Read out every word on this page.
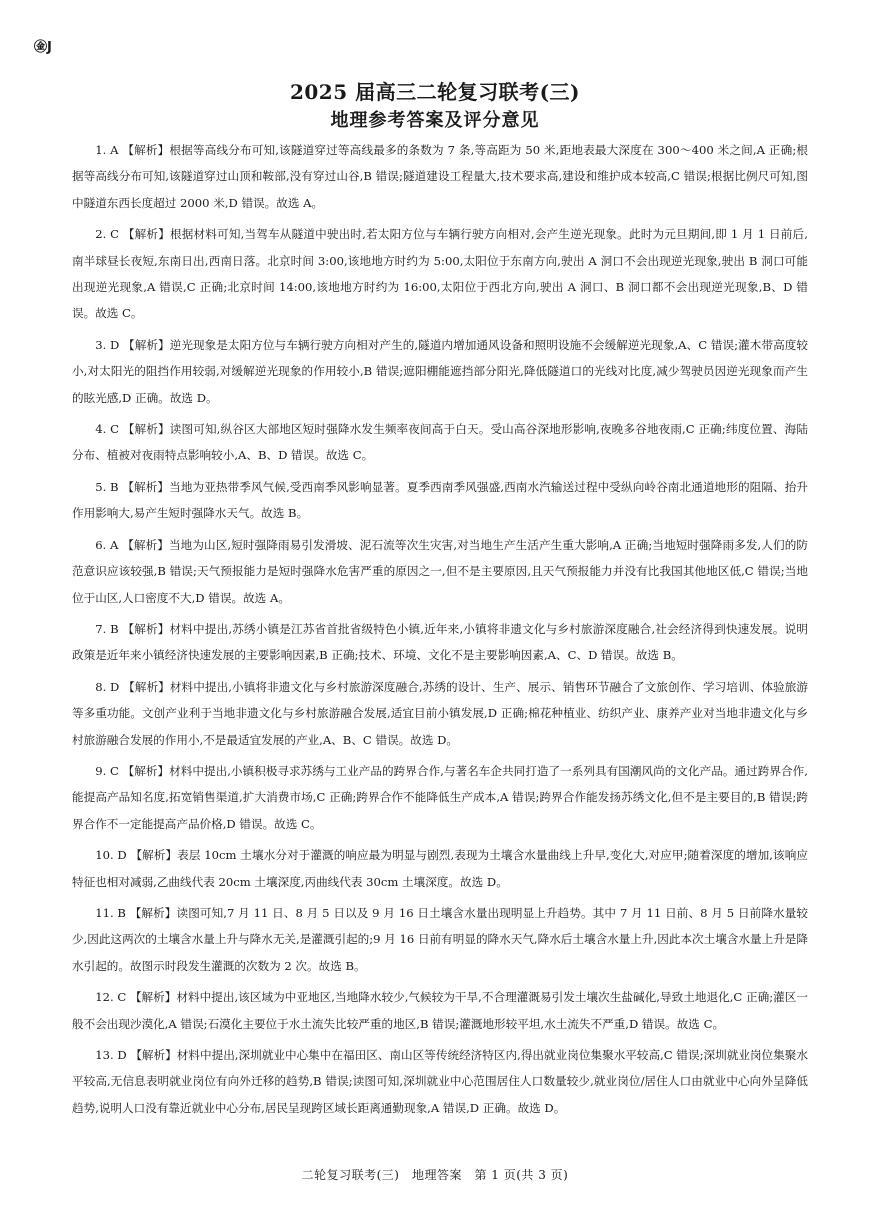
㊎J
2025 届高三二轮复习联考(三)
地理参考答案及评分意见

1. A 【解析】根据等高线分布可知,该隧道穿过等高线最多的条数为 7 条,等高距为 50 米,距地表最大深度在 300～400 米之间,A 正确;根据等高线分布可知,该隧道穿过山顶和鞍部,没有穿过山谷,B 错误;隧道建设工程量大,技术要求高,建设和维护成本较高,C 错误;根据比例尺可知,图中隧道东西长度超过 2000 米,D 错误。故选 A。

2. C 【解析】根据材料可知,当驾车从隧道中驶出时,若太阳方位与车辆行驶方向相对,会产生逆光现象。此时为元旦期间,即 1 月 1 日前后,南半球昼长夜短,东南日出,西南日落。北京时间 3:00,该地地方时约为 5:00,太阳位于东南方向,驶出 A 洞口不会出现逆光现象,驶出 B 洞口可能出现逆光现象,A 错误,C 正确;北京时间 14:00,该地地方时约为 16:00,太阳位于西北方向,驶出 A 洞口、B 洞口都不会出现逆光现象,B、D 错误。故选 C。

3. D 【解析】逆光现象是太阳方位与车辆行驶方向相对产生的,隧道内增加通风设备和照明设施不会缓解逆光现象,A、C 错误;灌木带高度较小,对太阳光的阻挡作用较弱,对缓解逆光现象的作用较小,B 错误;遮阳棚能遮挡部分阳光,降低隧道口的光线对比度,减少驾驶员因逆光现象而产生的眩光感,D 正确。故选 D。

4. C 【解析】读图可知,纵谷区大部地区短时强降水发生频率夜间高于白天。受山高谷深地形影响,夜晚多谷地夜雨,C 正确;纬度位置、海陆分布、植被对夜雨特点影响较小,A、B、D 错误。故选 C。

5. B 【解析】当地为亚热带季风气候,受西南季风影响显著。夏季西南季风强盛,西南水汽输送过程中受纵向岭谷南北通道地形的阻隔、抬升作用影响大,易产生短时强降水天气。故选 B。

6. A 【解析】当地为山区,短时强降雨易引发滑坡、泥石流等次生灾害,对当地生产生活产生重大影响,A 正确;当地短时强降雨多发,人们的防范意识应该较强,B 错误;天气预报能力是短时强降水危害严重的原因之一,但不是主要原因,且天气预报能力并没有比我国其他地区低,C 错误;当地位于山区,人口密度不大,D 错误。故选 A。

7. B 【解析】材料中提出,苏绣小镇是江苏省首批省级特色小镇,近年来,小镇将非遗文化与乡村旅游深度融合,社会经济得到快速发展。说明政策是近年来小镇经济快速发展的主要影响因素,B 正确;技术、环境、文化不是主要影响因素,A、C、D 错误。故选 B。

8. D 【解析】材料中提出,小镇将非遗文化与乡村旅游深度融合,苏绣的设计、生产、展示、销售环节融合了文旅创作、学习培训、体验旅游等多重功能。文创产业利于当地非遗文化与乡村旅游融合发展,适宜目前小镇发展,D 正确;棉花种植业、纺织产业、康养产业对当地非遗文化与乡村旅游融合发展的作用小,不是最适宜发展的产业,A、B、C 错误。故选 D。

9. C 【解析】材料中提出,小镇积极寻求苏绣与工业产品的跨界合作,与著名车企共同打造了一系列具有国潮风尚的文化产品。通过跨界合作,能提高产品知名度,拓宽销售渠道,扩大消费市场,C 正确;跨界合作不能降低生产成本,A 错误;跨界合作能发扬苏绣文化,但不是主要目的,B 错误;跨界合作不一定能提高产品价格,D 错误。故选 C。

10. D 【解析】表层 10cm 土壤水分对于灌溉的响应最为明显与剧烈,表现为土壤含水量曲线上升早,变化大,对应甲;随着深度的增加,该响应特征也相对减弱,乙曲线代表 20cm 土壤深度,丙曲线代表 30cm 土壤深度。故选 D。

11. B 【解析】读图可知,7 月 11 日、8 月 5 日以及 9 月 16 日土壤含水量出现明显上升趋势。其中 7 月 11 日前、8 月 5 日前降水量较少,因此这两次的土壤含水量上升与降水无关,是灌溉引起的;9 月 16 日前有明显的降水天气,降水后土壤含水量上升,因此本次土壤含水量上升是降水引起的。故图示时段发生灌溉的次数为 2 次。故选 B。

12. C 【解析】材料中提出,该区域为中亚地区,当地降水较少,气候较为干旱,不合理灌溉易引发土壤次生盐碱化,导致土地退化,C 正确;灌区一般不会出现沙漠化,A 错误;石漠化主要位于水土流失比较严重的地区,B 错误;灌溉地形较平坦,水土流失不严重,D 错误。故选 C。

13. D 【解析】材料中提出,深圳就业中心集中在福田区、南山区等传统经济特区内,得出就业岗位集聚水平较高,C 错误;深圳就业岗位集聚水平较高,无信息表明就业岗位有向外迁移的趋势,B 错误;读图可知,深圳就业中心范围居住人口数量较少,就业岗位/居住人口由就业中心向外呈降低趋势,说明人口没有靠近就业中心分布,居民呈现跨区域长距离通勤现象,A 错误,D 正确。故选 D。

二轮复习联考(三)　地理答案　第 1 页(共 3 页)
